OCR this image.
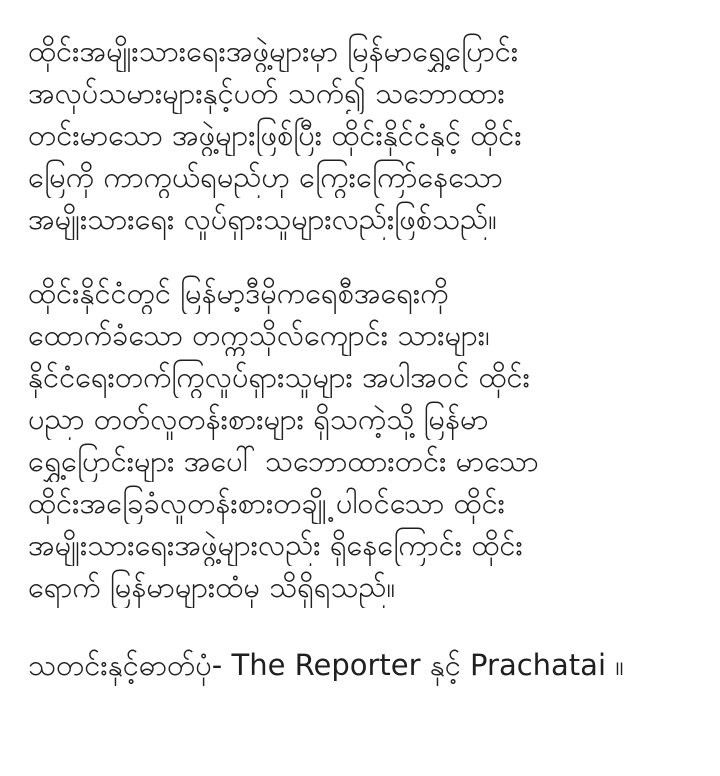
ထိုင်းအမျိုးသားရေးအဖွဲ့များမှာ မြန်မာရွှေ့ပြောင်း
အလုပ်သမားများနှင့်ပတ် သက်၍ သဘောထား
တင်းမာသော အဖွဲ့များဖြစ်ပြီး ထိုင်းနိုင်ငံနှင့် ထိုင်း
မြေကို ကာကွယ်ရမည်ဟု ကြွေးကြော်နေသော
အမျိုးသားရေး လှုပ်ရှားသူများလည်းဖြစ်သည်။
ထိုင်းနိုင်ငံတွင် မြန်မာ့ဒီမိုကရေစီအရေးကို
ထောက်ခံသော တက္ကသိုလ်ကျောင်း သားများ၊
နိုင်ငံရေးတက်ကြွလှုပ်ရှားသူများ အပါအဝင် ထိုင်း
ပညာ တတ်လူတန်းစားများ ရှိသကဲ့သို့ မြန်မာ
ရွှေ့ပြောင်းများ အပေါ် သဘောထားတင်း မာသော
ထိုင်းအခြေခံလူတန်းစားတချို့ ပါဝင်သော ထိုင်း
အမျိုးသားရေးအဖွဲ့များလည်း ရှိနေကြောင်း ထိုင်း
ရောက် မြန်မာများထံမှ သိရှိရသည်။
သတင်းနှင့်ဓာတ်ပုံ- The Reporter နှင့် Prachatai ။
